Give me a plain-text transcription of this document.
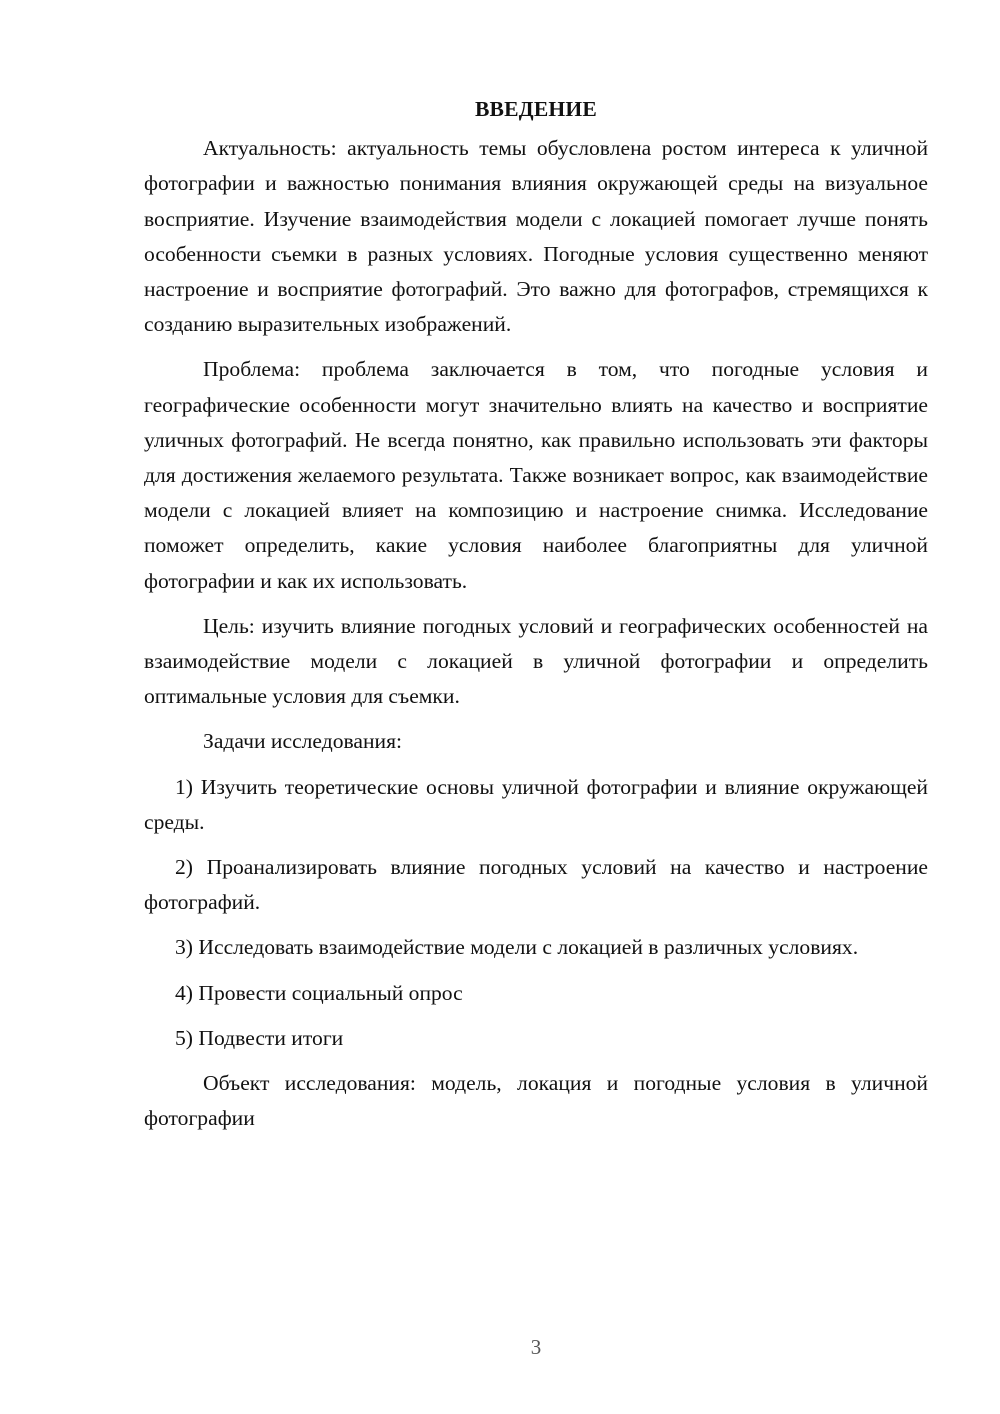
ВВЕДЕНИЕ

Актуальность: актуальность темы обусловлена ростом интереса к уличной фотографии и важностью понимания влияния окружающей среды на визуальное восприятие. Изучение взаимодействия модели с локацией помогает лучше понять особенности съемки в разных условиях. Погодные условия существенно меняют настроение и восприятие фотографий. Это важно для фотографов, стремящихся к созданию выразительных изображений.

Проблема: проблема заключается в том, что погодные условия и географические особенности могут значительно влиять на качество и восприятие уличных фотографий. Не всегда понятно, как правильно использовать эти факторы для достижения желаемого результата. Также возникает вопрос, как взаимодействие модели с локацией влияет на композицию и настроение снимка. Исследование поможет определить, какие условия наиболее благоприятны для уличной фотографии и как их использовать.

Цель: изучить влияние погодных условий и географических особенностей на взаимодействие модели с локацией в уличной фотографии и определить оптимальные условия для съемки.

Задачи исследования:

1) Изучить теоретические основы уличной фотографии и влияние окружающей среды.

2) Проанализировать влияние погодных условий на качество и настроение фотографий.

3) Исследовать взаимодействие модели с локацией в различных условиях.

4) Провести социальный опрос

5) Подвести итоги

Объект исследования: модель, локация и погодные условия в уличной фотографии

3
